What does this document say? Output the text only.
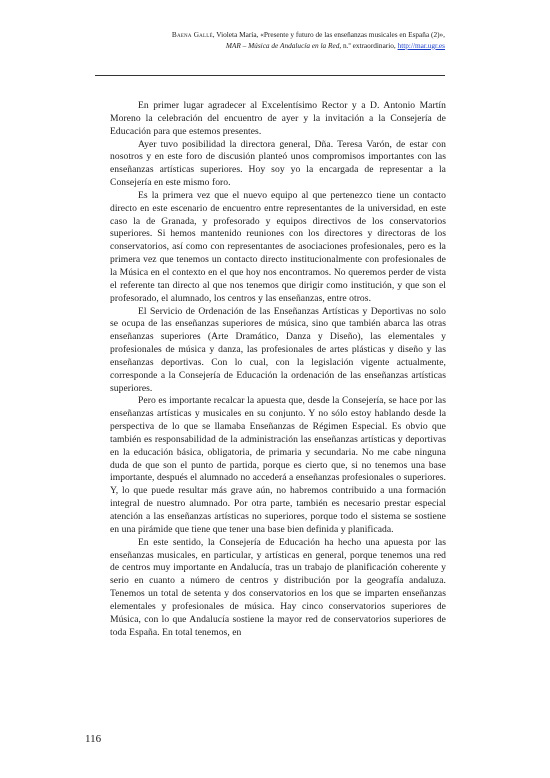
Baena Gallé, Violeta María, «Presente y futuro de las enseñanzas musicales en España (2)»,
MAR – Música de Andalucía en la Red, n.º extraordinario, http://mar.ugr.es

En primer lugar agradecer al Excelentísimo Rector y a D. Antonio Martín Moreno la celebración del encuentro de ayer y la invitación a la Consejería de Educación para que estemos presentes.

Ayer tuvo posibilidad la directora general, Dña. Teresa Varón, de estar con nosotros y en este foro de discusión planteó unos compromisos importantes con las enseñanzas artísticas superiores. Hoy soy yo la encargada de representar a la Consejería en este mismo foro.

Es la primera vez que el nuevo equipo al que pertenezco tiene un contacto directo en este escenario de encuentro entre representantes de la universidad, en este caso la de Granada, y profesorado y equipos directivos de los conservatorios superiores. Si hemos mantenido reuniones con los directores y directoras de los conservatorios, así como con representantes de asociaciones profesionales, pero es la primera vez que tenemos un contacto directo institucionalmente con profesionales de la Música en el contexto en el que hoy nos encontramos. No queremos perder de vista el referente tan directo al que nos tenemos que dirigir como institución, y que son el profesorado, el alumnado, los centros y las enseñanzas, entre otros.

El Servicio de Ordenación de las Enseñanzas Artísticas y Deportivas no solo se ocupa de las enseñanzas superiores de música, sino que también abarca las otras enseñanzas superiores (Arte Dramático, Danza y Diseño), las elementales y profesionales de música y danza, las profesionales de artes plásticas y diseño y las enseñanzas deportivas. Con lo cual, con la legislación vigente actualmente, corresponde a la Consejería de Educación la ordenación de las enseñanzas artísticas superiores.

Pero es importante recalcar la apuesta que, desde la Consejería, se hace por las enseñanzas artísticas y musicales en su conjunto. Y no sólo estoy hablando desde la perspectiva de lo que se llamaba Enseñanzas de Régimen Especial. Es obvio que también es responsabilidad de la administración las enseñanzas artísticas y deportivas en la educación básica, obligatoria, de primaria y secundaria. No me cabe ninguna duda de que son el punto de partida, porque es cierto que, si no tenemos una base importante, después el alumnado no accederá a enseñanzas profesionales o superiores. Y, lo que puede resultar más grave aún, no habremos contribuido a una formación integral de nuestro alumnado. Por otra parte, también es necesario prestar especial atención a las enseñanzas artísticas no superiores, porque todo el sistema se sostiene en una pirámide que tiene que tener una base bien definida y planificada.

En este sentido, la Consejería de Educación ha hecho una apuesta por las enseñanzas musicales, en particular, y artísticas en general, porque tenemos una red de centros muy importante en Andalucía, tras un trabajo de planificación coherente y serio en cuanto a número de centros y distribución por la geografía andaluza. Tenemos un total de setenta y dos conservatorios en los que se imparten enseñanzas elementales y profesionales de música. Hay cinco conservatorios superiores de Música, con lo que Andalucía sostiene la mayor red de conservatorios superiores de toda España. En total tenemos, en

116
